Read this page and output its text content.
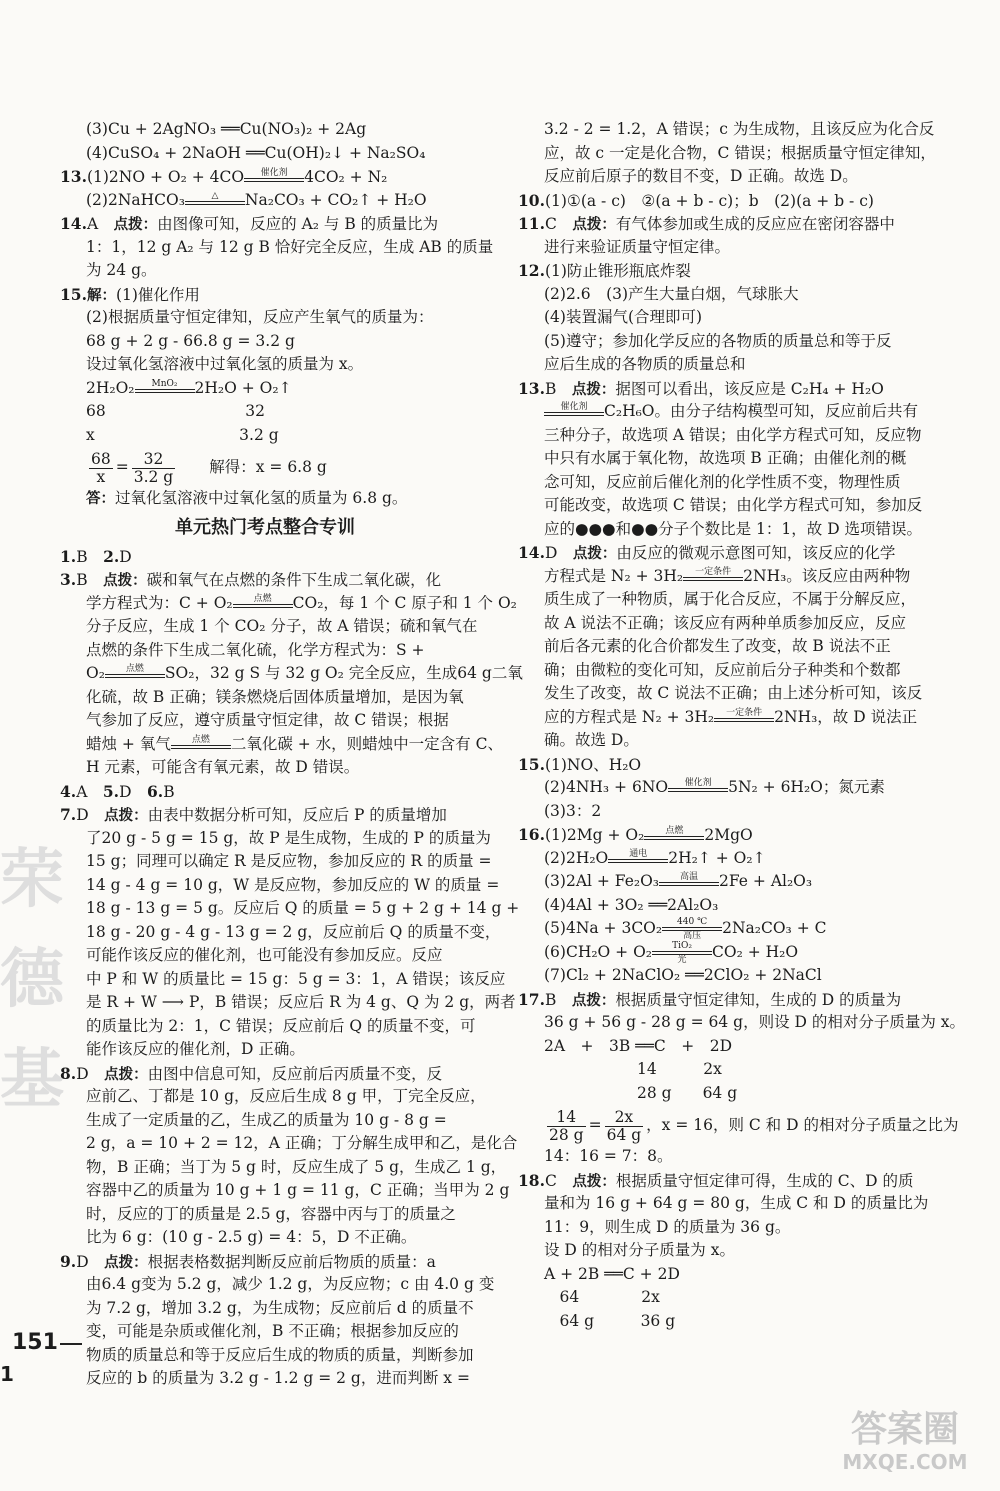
(3)Cu + 2AgNO₃ ══Cu(NO₃)₂ + 2Ag
(4)CuSO₄ + 2NaOH ══Cu(OH)₂↓ + Na₂SO₄
13.(1)2NO + O₂ + 4CO	催化剂	4CO₂ + N₂
(2)2NaHCO₃	△	Na₂CO₃ + CO₂↑ + H₂O
14.A　点拨：由图像可知，反应的 A₂ 与 B 的质量比为
1：1，12 g A₂ 与 12 g B 恰好完全反应，生成 AB 的质量
为 24 g。
15.解：(1)催化作用
(2)根据质量守恒定律知，反应产生氧气的质量为：
68 g + 2 g - 66.8 g = 3.2 g
设过氧化氢溶液中过氧化氢的质量为 x。
2H₂O₂	MnO₂	2H₂O + O₂↑
68　　　　　　　　　32
x　　　　　　　　　 3.2 g
$\frac{68}{x} = \frac{32}{3.2 g}$ 　　解得：x = 6.8 g
答：过氧化氢溶液中过氧化氢的质量为 6.8 g。
单元热门考点整合专训
1.B　2.D
3.B　点拨：碳和氧气在点燃的条件下生成二氧化碳，化
学方程式为：C + O₂	点燃	CO₂，每 1 个 C 原子和 1 个 O₂
分子反应，生成 1 个 CO₂ 分子，故 A 错误；硫和氧气在
点燃的条件下生成二氧化硫，化学方程式为：S +
O₂	点燃	SO₂，32 g S 与 32 g O₂ 完全反应，生成64 g二氧
化硫，故 B 正确；镁条燃烧后固体质量增加，是因为氧
气参加了反应，遵守质量守恒定律，故 C 错误；根据
蜡烛 + 氧气	点燃	二氧化碳 + 水，则蜡烛中一定含有 C、
H 元素，可能含有氧元素，故 D 错误。
4.A　5.D　6.B
7.D　点拨：由表中数据分析可知，反应后 P 的质量增加
了20 g - 5 g = 15 g，故 P 是生成物，生成的 P 的质量为
15 g；同理可以确定 R 是反应物，参加反应的 R 的质量 =
14 g - 4 g = 10 g，W 是反应物，参加反应的 W 的质量 =
18 g - 13 g = 5 g。反应后 Q 的质量 = 5 g + 2 g + 14 g +
18 g - 20 g - 4 g - 13 g = 2 g，反应前后 Q 的质量不变，
可能作该反应的催化剂，也可能没有参加反应。反应
中 P 和 W 的质量比 = 15 g：5 g = 3：1，A 错误；该反应
是 R + W ⟶ P，B 错误；反应后 R 为 4 g、Q 为 2 g，两者
的质量比为 2：1，C 错误；反应前后 Q 的质量不变，可
能作该反应的催化剂，D 正确。
8.D　点拨：由图中信息可知，反应前后丙质量不变，反
应前乙、丁都是 10 g，反应后生成 8 g 甲，丁完全反应，
生成了一定质量的乙，生成乙的质量为 10 g - 8 g =
2 g，a = 10 + 2 = 12，A 正确；丁分解生成甲和乙，是化合
物，B 正确；当丁为 5 g 时，反应生成了 5 g，生成乙 1 g，
容器中乙的质量为 10 g + 1 g = 11 g，C 正确；当甲为 2 g
时，反应的丁的质量是 2.5 g，容器中丙与丁的质量之
比为 6 g：(10 g - 2.5 g) = 4：5，D 不正确。
9.D　点拨：根据表格数据判断反应前后物质的质量：a
由6.4 g变为 5.2 g，减少 1.2 g，为反应物；c 由 4.0 g 变
为 7.2 g，增加 3.2 g，为生成物；反应前后 d 的质量不
变，可能是杂质或催化剂，B 不正确；根据参加反应的
物质的质量总和等于反应后生成的物质的质量，判断参加
反应的 b 的质量为 3.2 g - 1.2 g = 2 g，进而判断 x =
3.2 - 2 = 1.2，A 错误；c 为生成物，且该反应为化合反
应，故 c 一定是化合物，C 错误；根据质量守恒定律知，
反应前后原子的数目不变，D 正确。故选 D。
10.(1)①(a - c)　②(a + b - c)；b　(2)(a + b - c)
11.C　点拨：有气体参加或生成的反应应在密闭容器中
进行来验证质量守恒定律。
12.(1)防止锥形瓶底炸裂
(2)2.6　(3)产生大量白烟，气球胀大
(4)装置漏气(合理即可)
(5)遵守；参加化学反应的各物质的质量总和等于反
应后生成的各物质的质量总和
13.B　点拨：据图可以看出，该反应是 C₂H₄ + H₂O
催化剂	C₂H₆O。由分子结构模型可知，反应前后共有
三种分子，故选项 A 错误；由化学方程式可知，反应物
中只有水属于氧化物，故选项 B 正确；由催化剂的概
念可知，反应前后催化剂的化学性质不变，物理性质
可能改变，故选项 C 错误；由化学方程式可知，参加反
应的●●●和●●分子个数比是 1：1，故 D 选项错误。
14.D　点拨：由反应的微观示意图可知，该反应的化学
方程式是 N₂ + 3H₂	一定条件 2NH₃。该反应由两种物
质生成了一种物质，属于化合反应，不属于分解反应，
故 A 说法不正确；该反应有两种单质参加反应，反应
前后各元素的化合价都发生了改变，故 B 说法不正
确；由微粒的变化可知，反应前后分子种类和个数都
发生了改变，故 C 说法不正确；由上述分析可知，该反
应的方程式是 N₂ + 3H₂	一定条件 2NH₃，故 D 说法正
确。故选 D。
15.(1)NO、H₂O
(2)4NH₃ + 6NO	催化剂	5N₂ + 6H₂O；氮元素
(3)3：2
16.(1)2Mg + O₂	点燃	2MgO
(2)2H₂O	通电	2H₂↑ + O₂↑
(3)2Al + Fe₂O₃	高温	2Fe + Al₂O₃
(4)4Al + 3O₂ ══2Al₂O₃
(5)4Na + 3CO₂	440 ℃
高压	2Na₂CO₃ + C
(6)CH₂O + O₂	TiO₂
光	CO₂ + H₂O
(7)Cl₂ + 2NaClO₂ ══2ClO₂ + 2NaCl
17.B　点拨：根据质量守恒定律知，生成的 D 的质量为
36 g + 56 g - 28 g = 64 g，则设 D 的相对分子质量为 x。
2A　+　3B ══C　+　2D
　　　　　　14　　　2x
　　　　　　28 g　　64 g
$\frac{14}{28 g} = \frac{2x}{64 g}$ ，x = 16，则 C 和 D 的相对分子质量之比为
14：16 = 7：8。
18.C　点拨：根据质量守恒定律可得，生成的 C、D 的质
量和为 16 g + 64 g = 80 g，生成 C 和 D 的质量比为
11：9，则生成 D 的质量为 36 g。
设 D 的相对分子质量为 x。
A + 2B ══C + 2D
　64　　　　2x
　64 g　　　36 g
151
1
荣
德
基
答案圈
MXQE.COM
